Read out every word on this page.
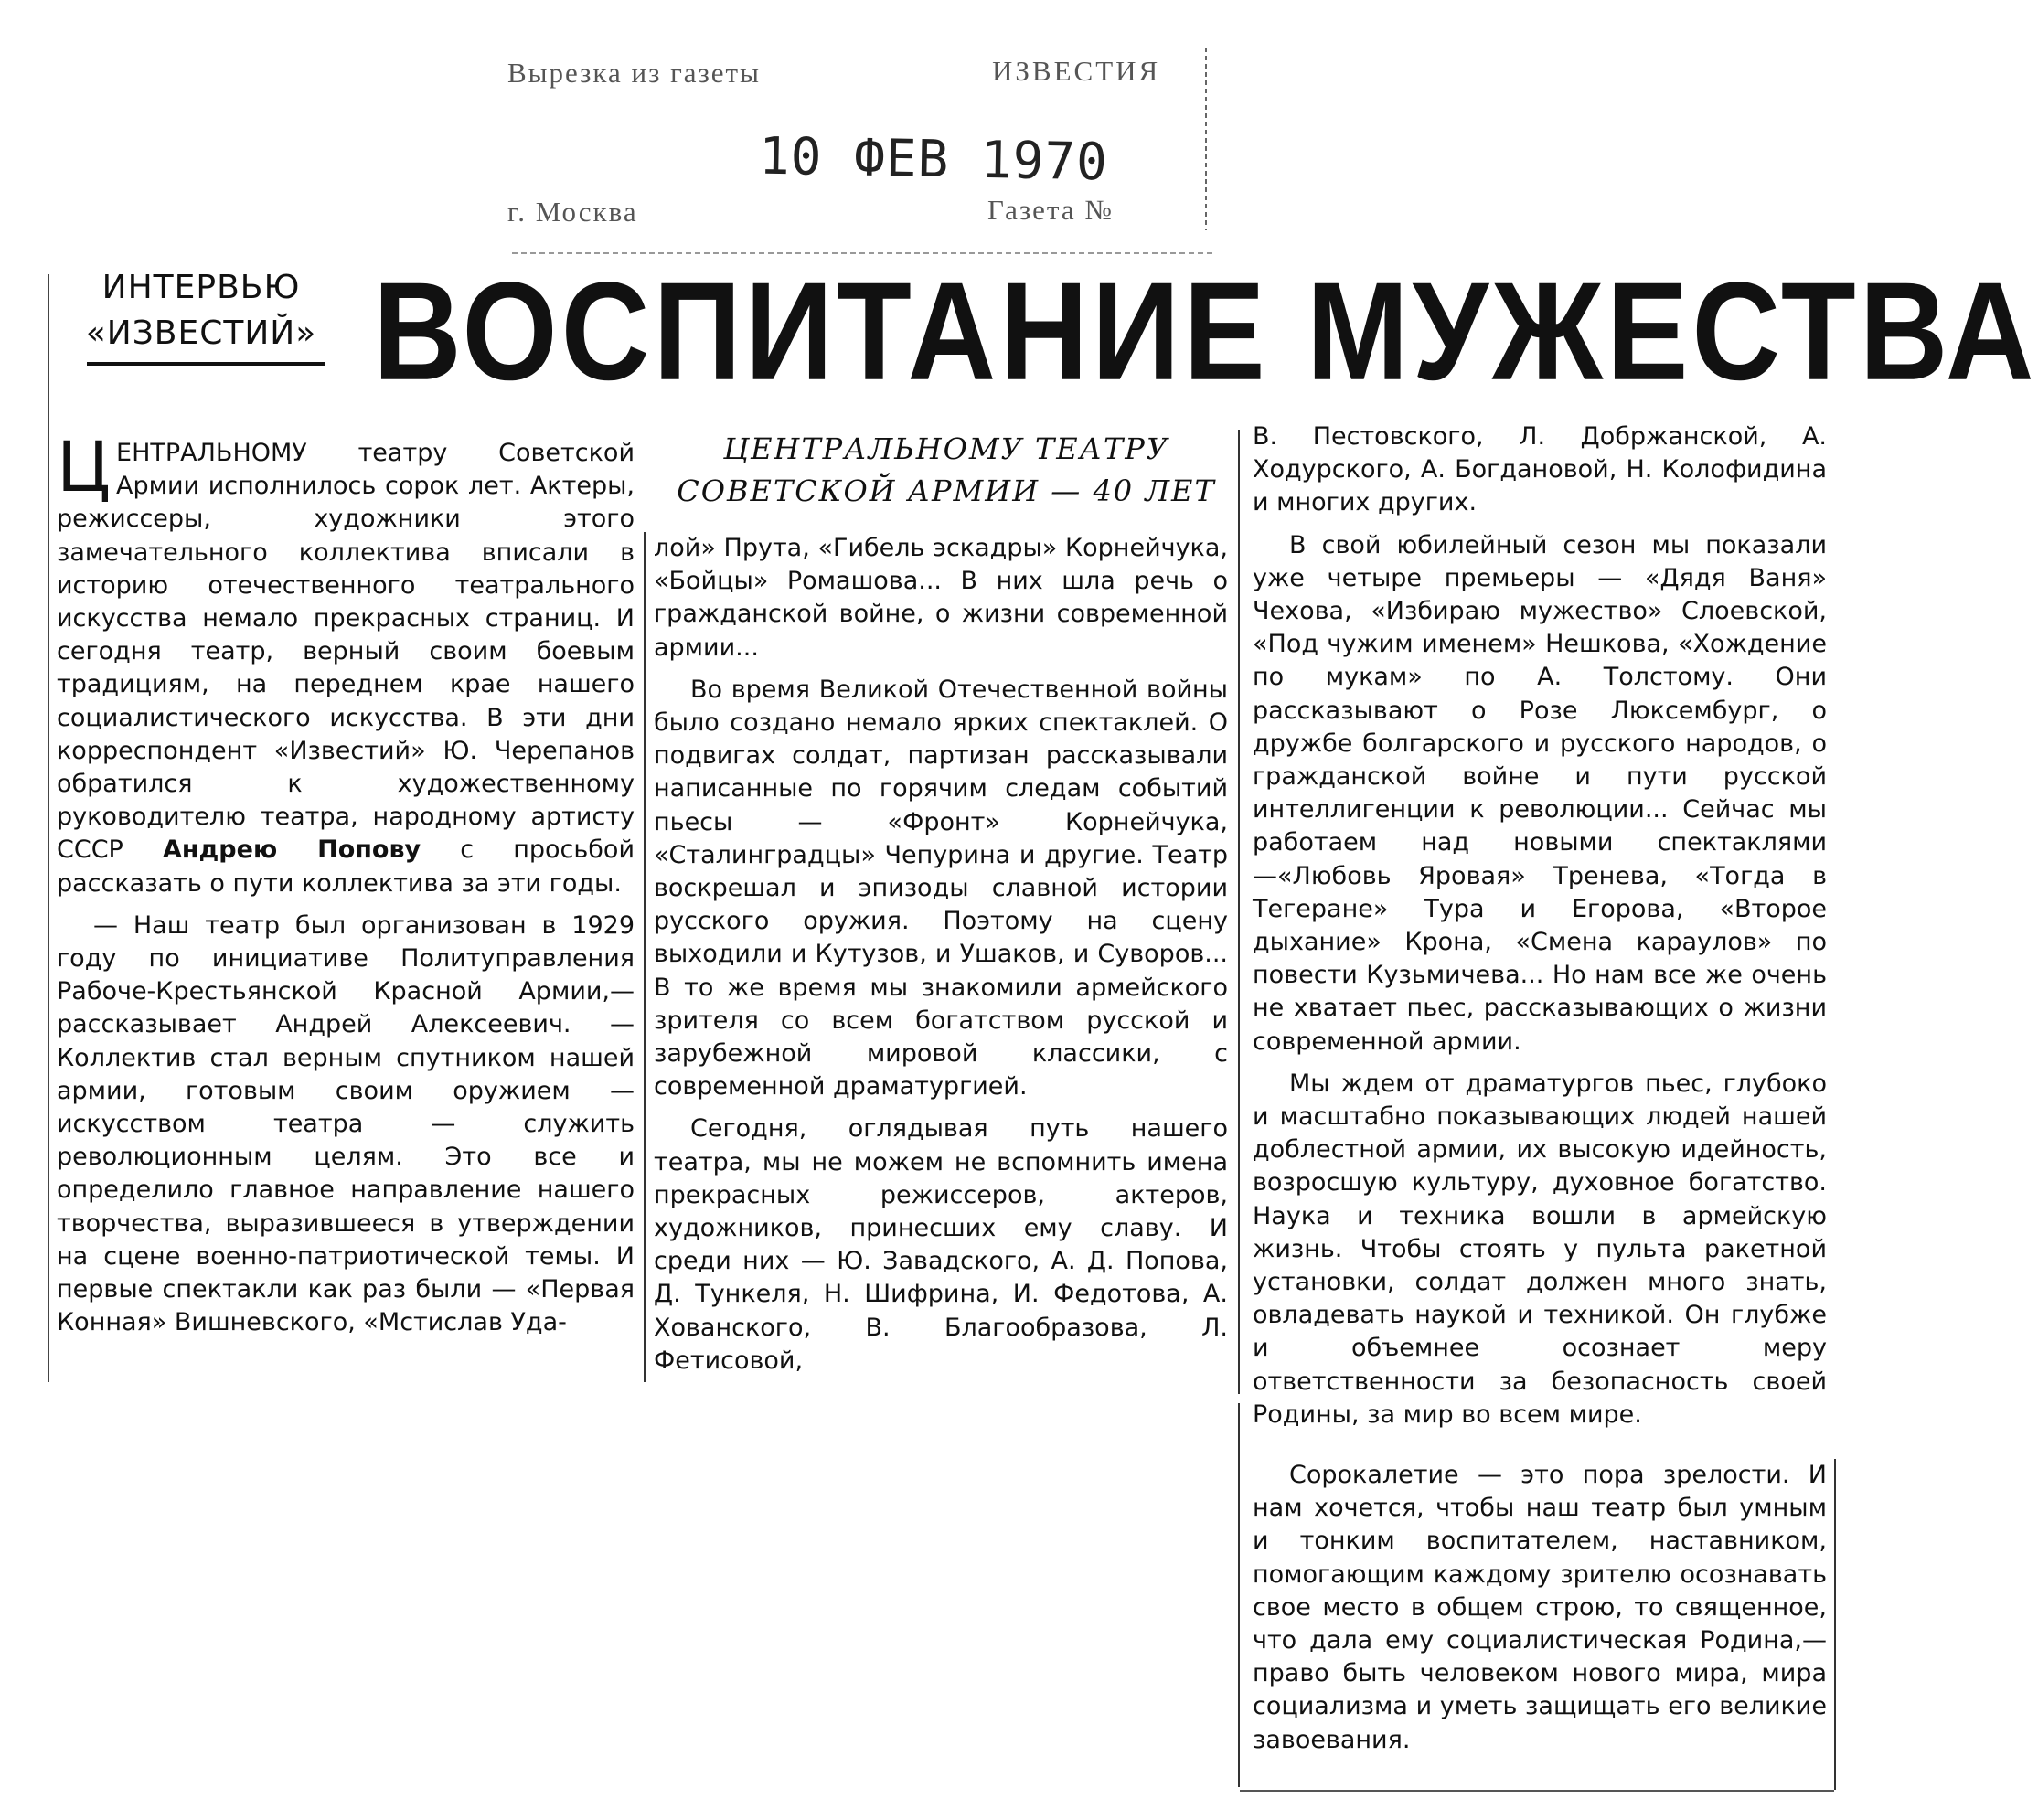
Вырезка из газеты	ИЗВЕСТИЯ
10 ФЕВ 1970
г. Москва	Газета №
ИНТЕРВЬЮ
«ИЗВЕСТИЙ» ВОСПИТАНИЕ МУЖЕСТВА

ЦЕНТРАЛЬНОМУ театру Советской Армии исполнилось сорок лет. Актеры, режиссеры, художники этого замечательного коллектива вписали в историю отечественного театрального искусства немало прекрасных страниц. И сегодня театр, верный своим боевым традициям, на переднем крае нашего социалистического искусства. В эти дни корреспондент «Известий» Ю. Черепанов обратился к художественному руководителю театра, народному артисту СССР Андрею Попову с просьбой рассказать о пути коллектива за эти годы.

— Наш театр был организован в 1929 году по инициативе Политуправления Рабоче-Крестьянской Красной Армии,—рассказывает Андрей Алексеевич. — Коллектив стал верным спутником нашей армии, готовым своим оружием — искусством театра — служить революционным целям. Это все и определило главное направление нашего творчества, выразившееся в утверждении на сцене военно-патриотической темы. И первые спектакли как раз были — «Первая Конная» Вишневского, «Мстислав Уда-

ЦЕНТРАЛЬНОМУ ТЕАТРУ
СОВЕТСКОЙ АРМИИ — 40 ЛЕТ

лой» Прута, «Гибель эскадры» Корнейчука, «Бойцы» Ромашова... В них шла речь о гражданской войне, о жизни современной армии...

Во время Великой Отечественной войны было создано немало ярких спектаклей. О подвигах солдат, партизан рассказывали написанные по горячим следам событий пьесы — «Фронт» Корнейчука, «Сталинградцы» Чепурина и другие. Театр воскрешал и эпизоды славной истории русского оружия. Поэтому на сцену выходили и Кутузов, и Ушаков, и Суворов... В то же время мы знакомили армейского зрителя со всем богатством русской и зарубежной мировой классики, с современной драматургией.

Сегодня, оглядывая путь нашего театра, мы не можем не вспомнить имена прекрасных режиссеров, актеров, художников, принесших ему славу. И среди них — Ю. Завадского, А. Д. Попова, Д. Тункеля, Н. Шифрина, И. Федотова, А. Хованского, В. Благообразова, Л. Фетисовой,

В. Пестовского, Л. Добржанской, А. Ходурского, А. Богдановой, Н. Колофидина и многих других.

В свой юбилейный сезон мы показали уже четыре премьеры — «Дядя Ваня» Чехова, «Избираю мужество» Слоевской, «Под чужим именем» Нешкова, «Хождение по мукам» по А. Толстому. Они рассказывают о Розе Люксембург, о дружбе болгарского и русского народов, о гражданской войне и пути русской интеллигенции к революции... Сейчас мы работаем над новыми спектаклями —«Любовь Яровая» Тренева, «Тогда в Тегеране» Тура и Егорова, «Второе дыхание» Крона, «Смена караулов» по повести Кузьмичева... Но нам все же очень не хватает пьес, рассказывающих о жизни современной армии.

Мы ждем от драматургов пьес, глубоко и масштабно показывающих людей нашей доблестной армии, их высокую идейность, возросшую культуру, духовное богатство. Наука и техника вошли в армейскую жизнь. Чтобы стоять у пульта ракетной установки, солдат должен много знать, овладевать наукой и техникой. Он глубже и объемнее осознает меру ответственности за безопасность своей Родины, за мир во всем мире.

Сорокалетие — это пора зрелости. И нам хочется, чтобы наш театр был умным и тонким воспитателем, наставником, помогающим каждому зрителю осознавать свое место в общем строю, то священное, что дала ему социалистическая Родина,— право быть человеком нового мира, мира социализма и уметь защищать его великие завоевания.
